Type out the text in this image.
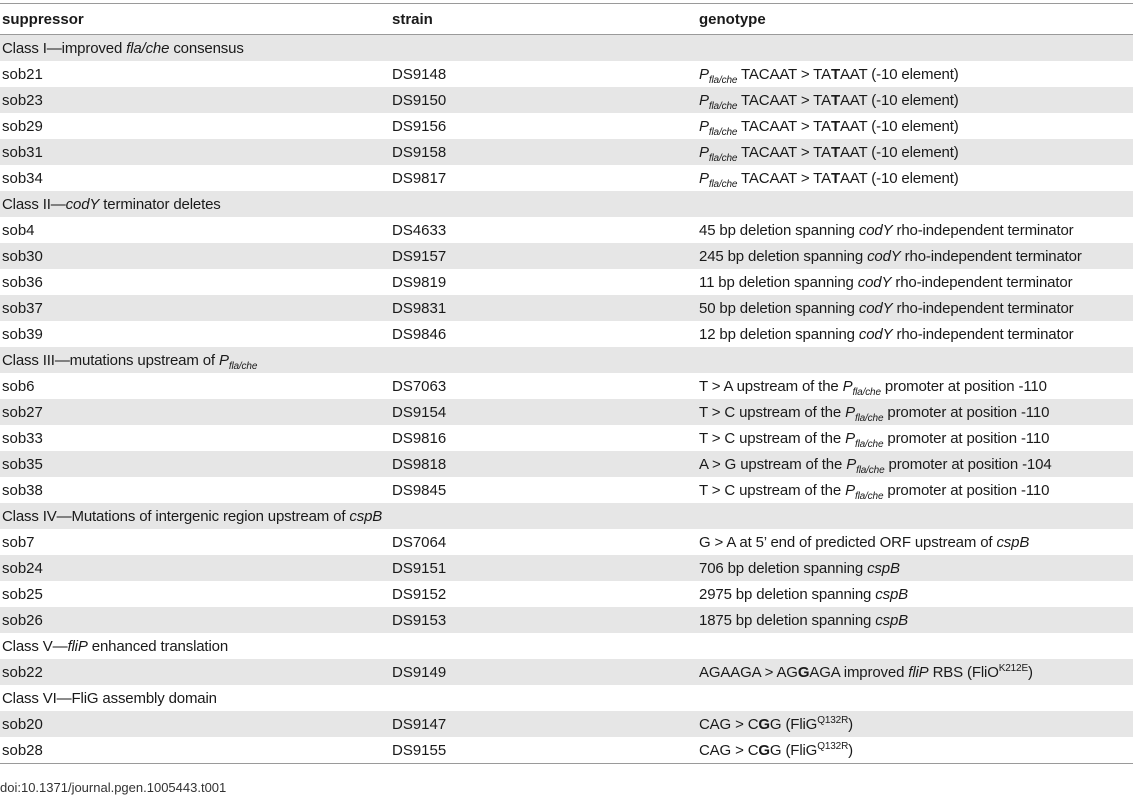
suppressor	strain	genotype
Class I—improved fla/che consensus		
sob21	DS9148	$P_{fla/che}$ TACAAT > TATAAT (-10 element)
sob23	DS9150	$P_{fla/che}$ TACAAT > TATAAT (-10 element)
sob29	DS9156	$P_{fla/che}$ TACAAT > TATAAT (-10 element)
sob31	DS9158	$P_{fla/che}$ TACAAT > TATAAT (-10 element)
sob34	DS9817	$P_{fla/che}$ TACAAT > TATAAT (-10 element)
Class II—codY terminator deletes		
sob4	DS4633	45 bp deletion spanning codY rho-independent terminator
sob30	DS9157	245 bp deletion spanning codY rho-independent terminator
sob36	DS9819	11 bp deletion spanning codY rho-independent terminator
sob37	DS9831	50 bp deletion spanning codY rho-independent terminator
sob39	DS9846	12 bp deletion spanning codY rho-independent terminator
Class III—mutations upstream of $P_{fla/che}$
sob6	DS7063	T > A upstream of the $P_{fla/che}$ promoter at position -110
sob27	DS9154	T > C upstream of the $P_{fla/che}$ promoter at position -110
sob33	DS9816	T > C upstream of the $P_{fla/che}$ promoter at position -110
sob35	DS9818	A > G upstream of the $P_{fla/che}$ promoter at position -104
sob38	DS9845	T > C upstream of the $P_{fla/che}$ promoter at position -110
Class IV—Mutations of intergenic region upstream of cspB		
sob7	DS7064	G > A at 5’ end of predicted ORF upstream of cspB
sob24	DS9151	706 bp deletion spanning cspB
sob25	DS9152	2975 bp deletion spanning cspB
sob26	DS9153	1875 bp deletion spanning cspB
Class V—fliP enhanced translation		
sob22	DS9149	AGAAGA > AGGAGA improved fliP RBS (FliO$^{K212E}$)
Class VI—FliG assembly domain		
sob20	DS9147	CAG > CGG (FliG$^{Q132R}$)
sob28	DS9155	CAG > CGG (FliG$^{Q132R}$)
doi:10.1371/journal.pgen.1005443.t001
